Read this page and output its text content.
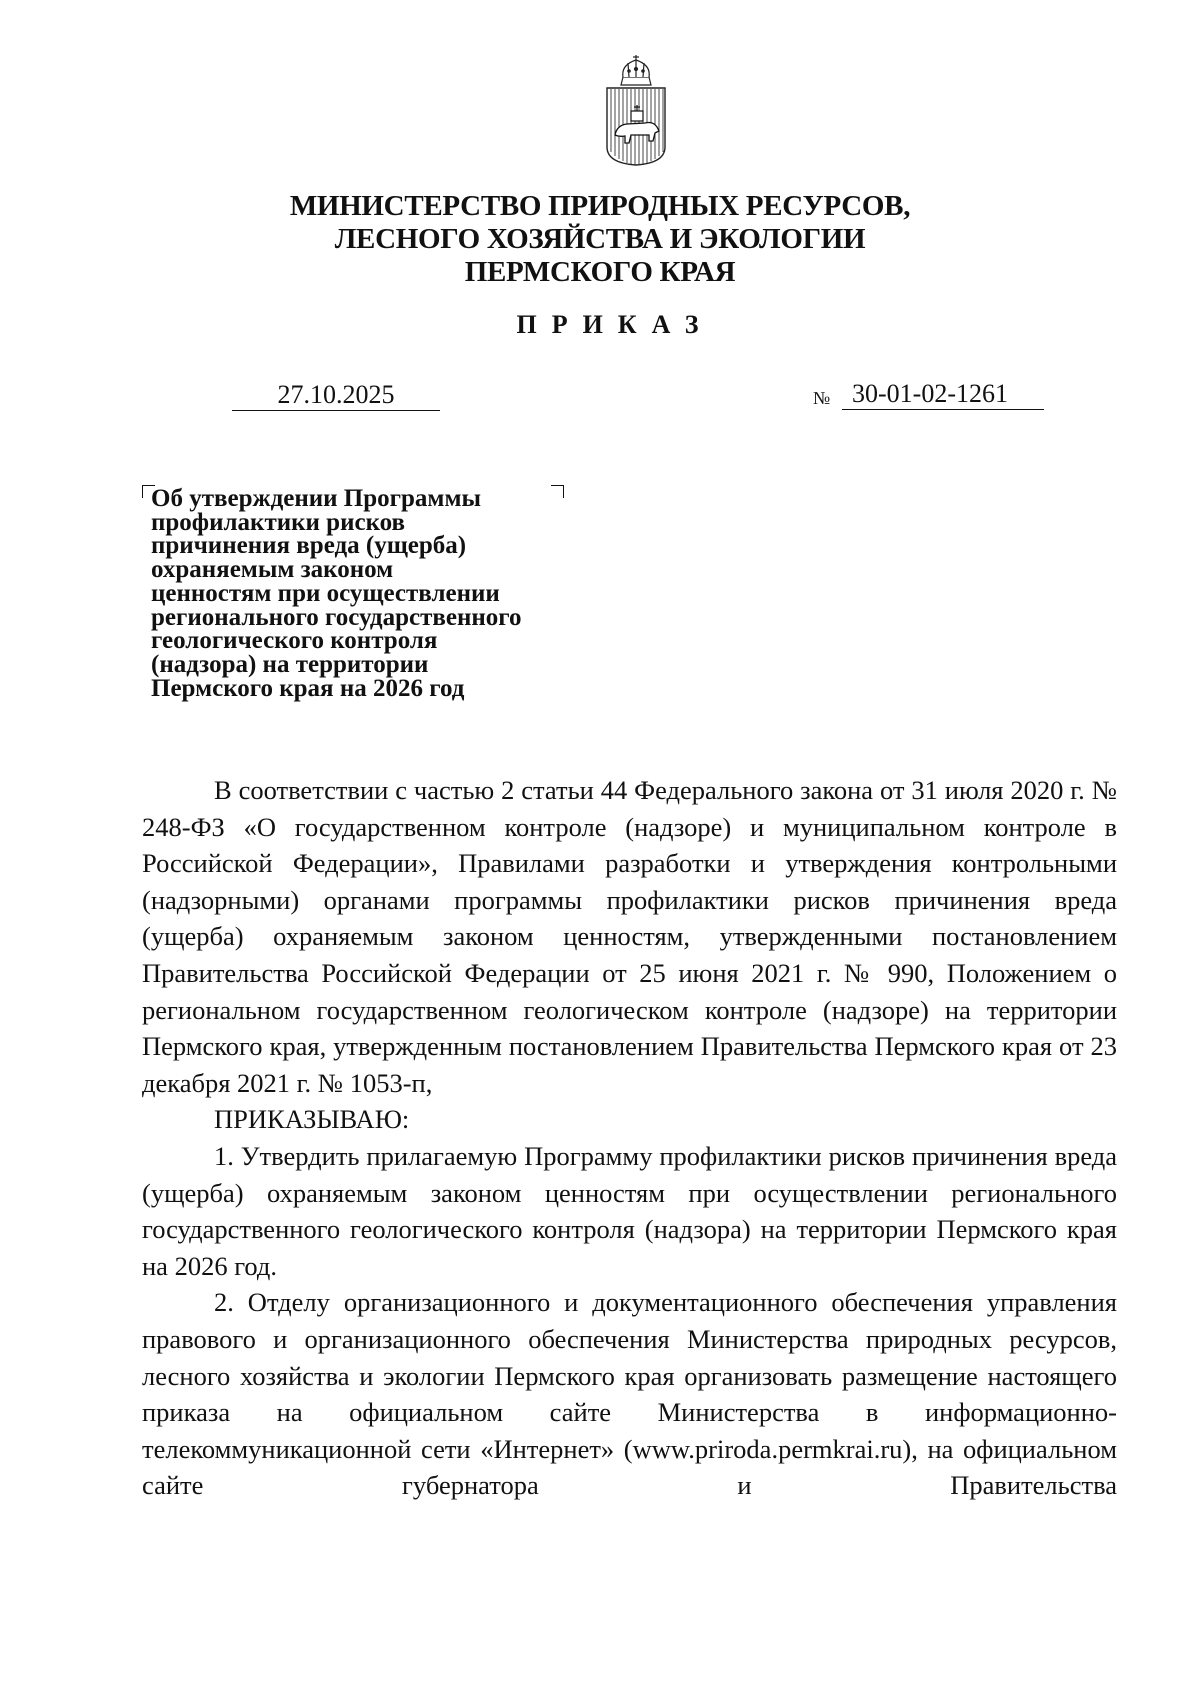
МИНИСТЕРСТВО ПРИРОДНЫХ РЕСУРСОВ,
ЛЕСНОГО ХОЗЯЙСТВА И ЭКОЛОГИИ
ПЕРМСКОГО КРАЯ
ПРИКАЗ
27.10.2025	№ 30-01-02-1261
Об утверждении Программы
профилактики рисков
причинения вреда (ущерба)
охраняемым законом
ценностям при осуществлении
регионального государственного
геологического контроля
(надзора) на территории
Пермского края на 2026 год

В соответствии с частью 2 статьи 44 Федерального закона от 31 июля 2020 г. № 248-ФЗ «О государственном контроле (надзоре) и муниципальном контроле в Российской Федерации», Правилами разработки и утверждения контрольными (надзорными) органами программы профилактики рисков причинения вреда (ущерба) охраняемым законом ценностям, утвержденными постановлением Правительства Российской Федерации от 25 июня 2021 г. № 990, Положением о региональном государственном геологическом контроле (надзоре) на территории Пермского края, утвержденным постановлением Правительства Пермского края от 23 декабря 2021 г. № 1053-п,

ПРИКАЗЫВАЮ:

1. Утвердить прилагаемую Программу профилактики рисков причинения вреда (ущерба) охраняемым законом ценностям при осуществлении регионального государственного геологического контроля (надзора) на территории Пермского края на 2026 год.

2. Отделу организационного и документационного обеспечения управления правового и организационного обеспечения Министерства природных ресурсов, лесного хозяйства и экологии Пермского края организовать размещение настоящего приказа на официальном сайте Министерства в информационно-телекоммуникационной сети «Интернет» (www.priroda.permkrai.ru), на официальном сайте губернатора и Правительства
